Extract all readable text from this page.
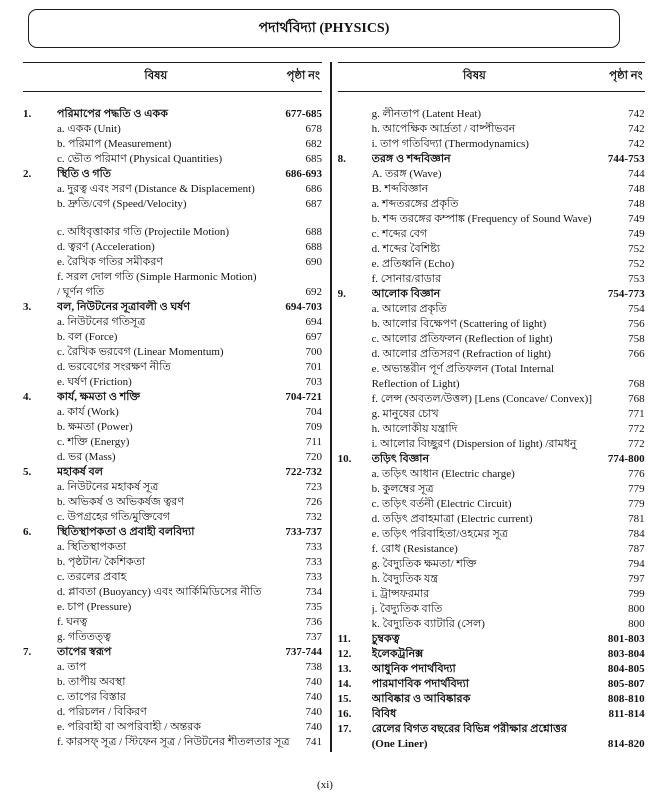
পদার্থবিদ্যা (PHYSICS)
বিষয়	পৃষ্ঠা নং
1.	পরিমাপের পদ্ধতি ও একক	677-685
a. একক (Unit)	678
b. পরিমাপ (Measurement)	682
c. ভৌত পরিমাণ (Physical Quantities)	685
2.	স্থিতি ও গতি	686-693
a. দুরত্ব এবং সরণ (Distance & Displacement)	686
b. দ্রুতি/বেগ (Speed/Velocity)	687
c. অধিবৃত্তাকার গতি (Projectile Motion)	688
d. ত্বরণ (Acceleration)	688
e. রৈখিক গতির সমীকরণ	690
f. সরল দোল গতি (Simple Harmonic Motion)
/ ঘূর্ণন গতি	692
3.	বল, নিউটনের সূত্রাবলী ও ঘর্ষণ	694-703
a. নিউটনের গতিসূত্র	694
b. বল (Force)	697
c. রৈখিক ভরবেগ (Linear Momentum)	700
d. ভরবেগের সংরক্ষণ নীতি	701
e. ঘর্ষণ (Friction)	703
4.	কার্য, ক্ষমতা ও শক্তি	704-721
a. কার্য (Work)	704
b. ক্ষমতা (Power)	709
c. শক্তি (Energy)	711
d. ভর (Mass)	720
5.	মহাকর্ষ বল	722-732
a. নিউটনের মহাকর্ষ সূত্র	723
b. অভিকর্ষ ও অভিকর্ষজ ত্বরণ	726
c. উপগ্রহের গতি/মুক্তিবেগ	732
6.	স্থিতিস্থাপকতা ও প্রবাহী বলবিদ্যা	733-737
a. স্থিতিস্থাপকতা	733
b. পৃষ্ঠটান/ কৈশিকতা	733
c. তরলের প্রবাহ	733
d. প্লাবতা (Buoyancy) এবং আর্কিমিডিসের নীতি	734
e. চাপ (Pressure)	735
f. ঘনত্ব	736
g. গতিতত্ত্ব	737
7.	তাপের স্বরূপ	737-744
a. তাপ	738
b. তাপীয় অবস্থা	740
c. তাপের বিস্তার	740
d. পরিচলন / বিকিরণ	740
e. পরিবাহী বা অপরিবাহী / অন্তরক	740
f. কারসফ্ সূত্র / স্টিফেন সূত্র / নিউটনের শীতলতার সূত্র	741
বিষয়	পৃষ্ঠা নং
g. লীনতাপ (Latent Heat)	742
h. আপেক্ষিক আর্দ্রতা / বাষ্পীভবন	742
i. তাপ গতিবিদ্যা (Thermodynamics)	742
8.	তরঙ্গ ও শব্দবিজ্ঞান	744-753
A. তরঙ্গ (Wave)	744
B. শব্দবিজ্ঞান	748
a. শব্দতরঙ্গের প্রকৃতি	748
b. শব্দ তরঙ্গের কম্পাঙ্ক (Frequency of Sound Wave)	749
c. শব্দের বেগ	749
d. শব্দের বৈশিষ্ট্য	752
e. প্রতিধ্বনি (Echo)	752
f. সোনার/রাডার	753
9.	আলোক বিজ্ঞান	754-773
a. আলোর প্রকৃতি	754
b. আলোর বিক্ষেপণ (Scattering of light)	756
c. আলোর প্রতিফলন (Reflection of light)	758
d. আলোর প্রতিসরণ (Refraction of light)	766
e. অভ্যন্তরীন পূর্ণ প্রতিফলন (Total Internal
Reflection of Light)	768
f. লেন্স (অবতল/উত্তল) [Lens (Concave/ Convex)]	768
g. মানুষের চোখ	771
h. আলোকীয় যন্ত্রাদি	772
i. আলোর বিচ্ছুরণ (Dispersion of light) /রামধনু	772
10.	তড়িৎ বিজ্ঞান	774-800
a. তড়িৎ আধান (Electric charge)	776
b. কুলম্বের সূত্র	779
c. তড়িৎ বর্তনী (Electric Circuit)	779
d. তড়িৎ প্রবাহমাত্রা (Electric current)	781
e. তড়িৎ পরিবাহিতা/ওহমের সূত্র	784
f. রোধ (Resistance)	787
g. বৈদ্যুতিক ক্ষমতা/ শক্তি	794
h. বৈদ্যুতিক যন্ত্র	797
i. ট্রান্সফরমার	799
j. বৈদ্যুতিক বাতি	800
k. বৈদ্যুতিক ব্যাটারি (সেল)	800
11.	চুম্বকত্ব	801-803
12.	ইলেকট্রনিক্স	803-804
13.	আধুনিক পদার্থবিদ্যা	804-805
14.	পারমাণবিক পদার্থবিদ্যা	805-807
15.	আবিষ্কার ও আবিষ্কারক	808-810
16.	বিবিধ	811-814
17.	রেলের বিগত বছরের বিভিন্ন পরীক্ষার প্রশ্নোত্তর
(One Liner)	814-820
(xi)
